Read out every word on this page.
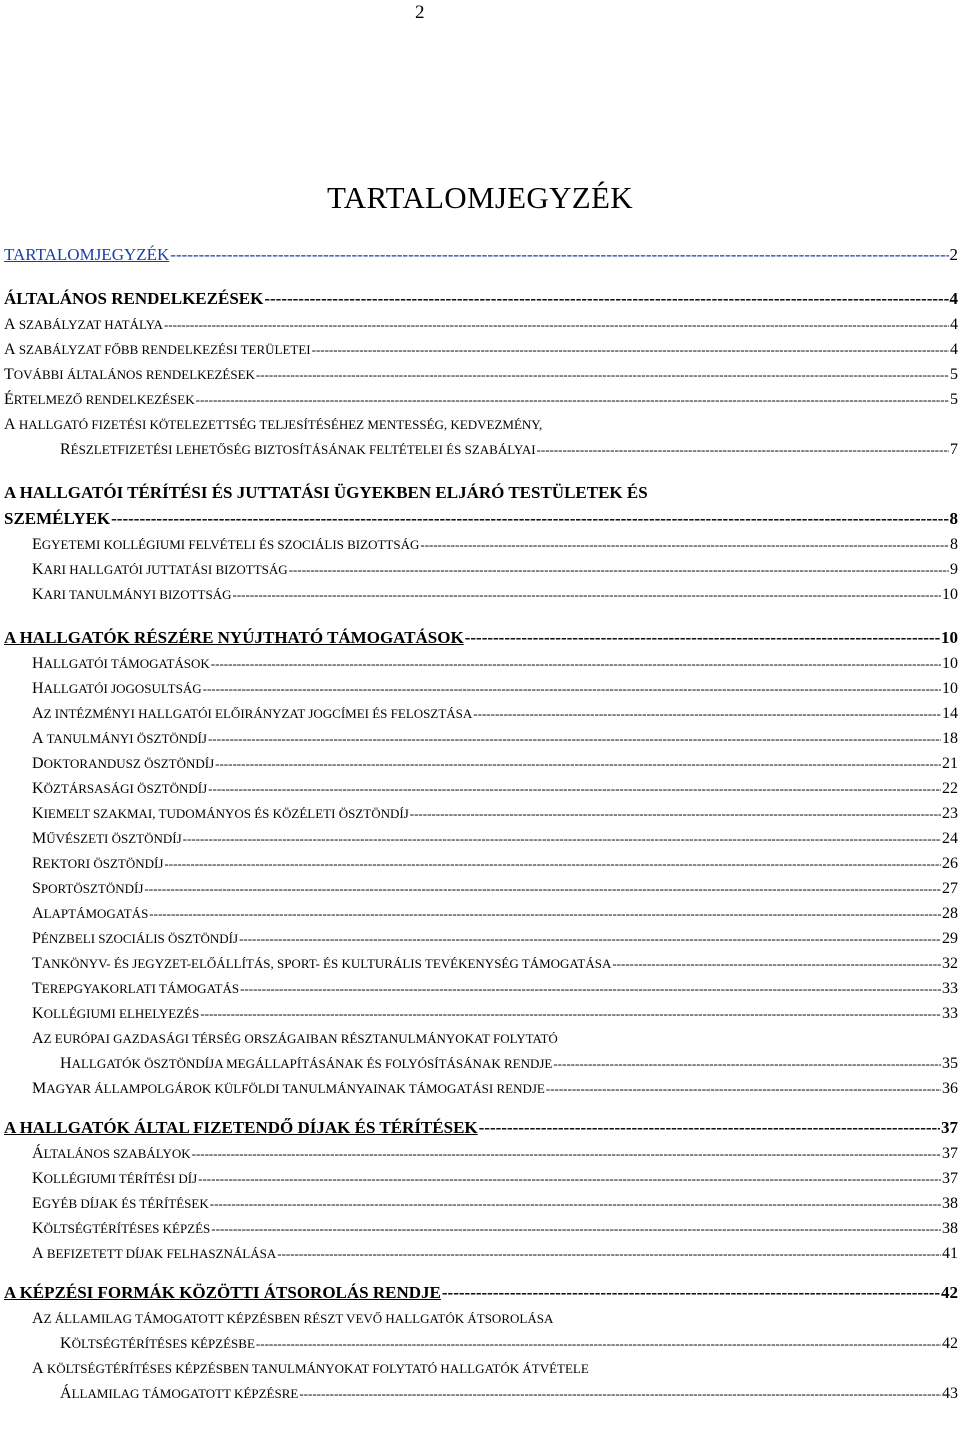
2
TARTALOMJEGYZÉK
TARTALOMJEGYZÉK -----	2
ÁLTALÁNOS RENDELKEZÉSEK -----	4
A SZABÁLYZAT HATÁLYA -----	4
A SZABÁLYZAT FŐBB RENDELKEZÉSI TERÜLETEI -----	4
TOVÁBBI ÁLTALÁNOS RENDELKEZÉSEK -----	5
ÉRTELMEZŐ RENDELKEZÉSEK -----	5
A HALLGATÓ FIZETÉSI KÖTELEZETTSÉG TELJESÍTÉSÉHEZ MENTESSÉG, KEDVEZMÉNY,
RÉSZLETFIZETÉSI LEHETŐSÉG BIZTOSÍTÁSÁNAK FELTÉTELEI ÉS SZABÁLYAI -----	7
A HALLGATÓI TÉRÍTÉSI ÉS JUTTATÁSI ÜGYEKBEN ELJÁRÓ TESTÜLETEK ÉS
SZEMÉLYEK -----	8
EGYETEMI KOLLÉGIUMI FELVÉTELI ÉS SZOCIÁLIS BIZOTTSÁG -----	8
KARI HALLGATÓI JUTTATÁSI BIZOTTSÁG -----	9
KARI TANULMÁNYI BIZOTTSÁG -----	10
A HALLGATÓK RÉSZÉRE NYÚJTHATÓ TÁMOGATÁSOK -----	10
HALLGATÓI TÁMOGATÁSOK -----	10
HALLGATÓI JOGOSULTSÁG -----	10
AZ INTÉZMÉNYI HALLGATÓI ELŐIRÁNYZAT JOGCÍMEI ÉS FELOSZTÁSA -----	14
A TANULMÁNYI ÖSZTÖNDÍJ -----	18
DOKTORANDUSZ ÖSZTÖNDÍJ -----	21
KÖZTÁRSASÁGI ÖSZTÖNDÍJ -----	22
KIEMELT SZAKMAI, TUDOMÁNYOS ÉS KÖZÉLETI ÖSZTÖNDÍJ -----	23
MŰVÉSZETI ÖSZTÖNDÍJ -----	24
REKTORI ÖSZTÖNDÍJ -----	26
SPORTÖSZTÖNDÍJ -----	27
ALAPTÁMOGATÁS -----	28
PÉNZBELI SZOCIÁLIS ÖSZTÖNDÍJ -----	29
TANKÖNYV- ÉS JEGYZET-ELŐÁLLÍTÁS, SPORT- ÉS KULTURÁLIS TEVÉKENYSÉG TÁMOGATÁSA -----	32
TEREPGYAKORLATI TÁMOGATÁS -----	33
KOLLÉGIUMI ELHELYEZÉS -----	33
AZ EURÓPAI GAZDASÁGI TÉRSÉG ORSZÁGAIBAN RÉSZTANULMÁNYOKAT FOLYTATÓ
HALLGATÓK ÖSZTÖNDÍJA MEGÁLLAPÍTÁSÁNAK ÉS FOLYÓSÍTÁSÁNAK RENDJE -----	35
MAGYAR ÁLLAMPOLGÁROK KÜLFÖLDI TANULMÁNYAINAK TÁMOGATÁSI RENDJE -----	36
A HALLGATÓK ÁLTAL FIZETENDŐ DÍJAK ÉS TÉRÍTÉSEK -----	37
ÁLTALÁNOS SZABÁLYOK -----	37
KOLLÉGIUMI TÉRÍTÉSI DÍJ -----	37
EGYÉB DÍJAK ÉS TÉRÍTÉSEK -----	38
KÖLTSÉGTÉRÍTÉSES KÉPZÉS -----	38
A BEFIZETETT DÍJAK FELHASZNÁLÁSA -----	41
A KÉPZÉSI FORMÁK KÖZÖTTI ÁTSOROLÁS RENDJE -----	42
AZ ÁLLAMILAG TÁMOGATOTT KÉPZÉSBEN RÉSZT VEVŐ HALLGATÓK ÁTSOROLÁSA
KÖLTSÉGTÉRÍTÉSES KÉPZÉSBE -----	42
A KÖLTSÉGTÉRÍTÉSES KÉPZÉSBEN TANULMÁNYOKAT FOLYTATÓ HALLGATÓK ÁTVÉTELE
ÁLLAMILAG TÁMOGATOTT KÉPZÉSRE -----	43
